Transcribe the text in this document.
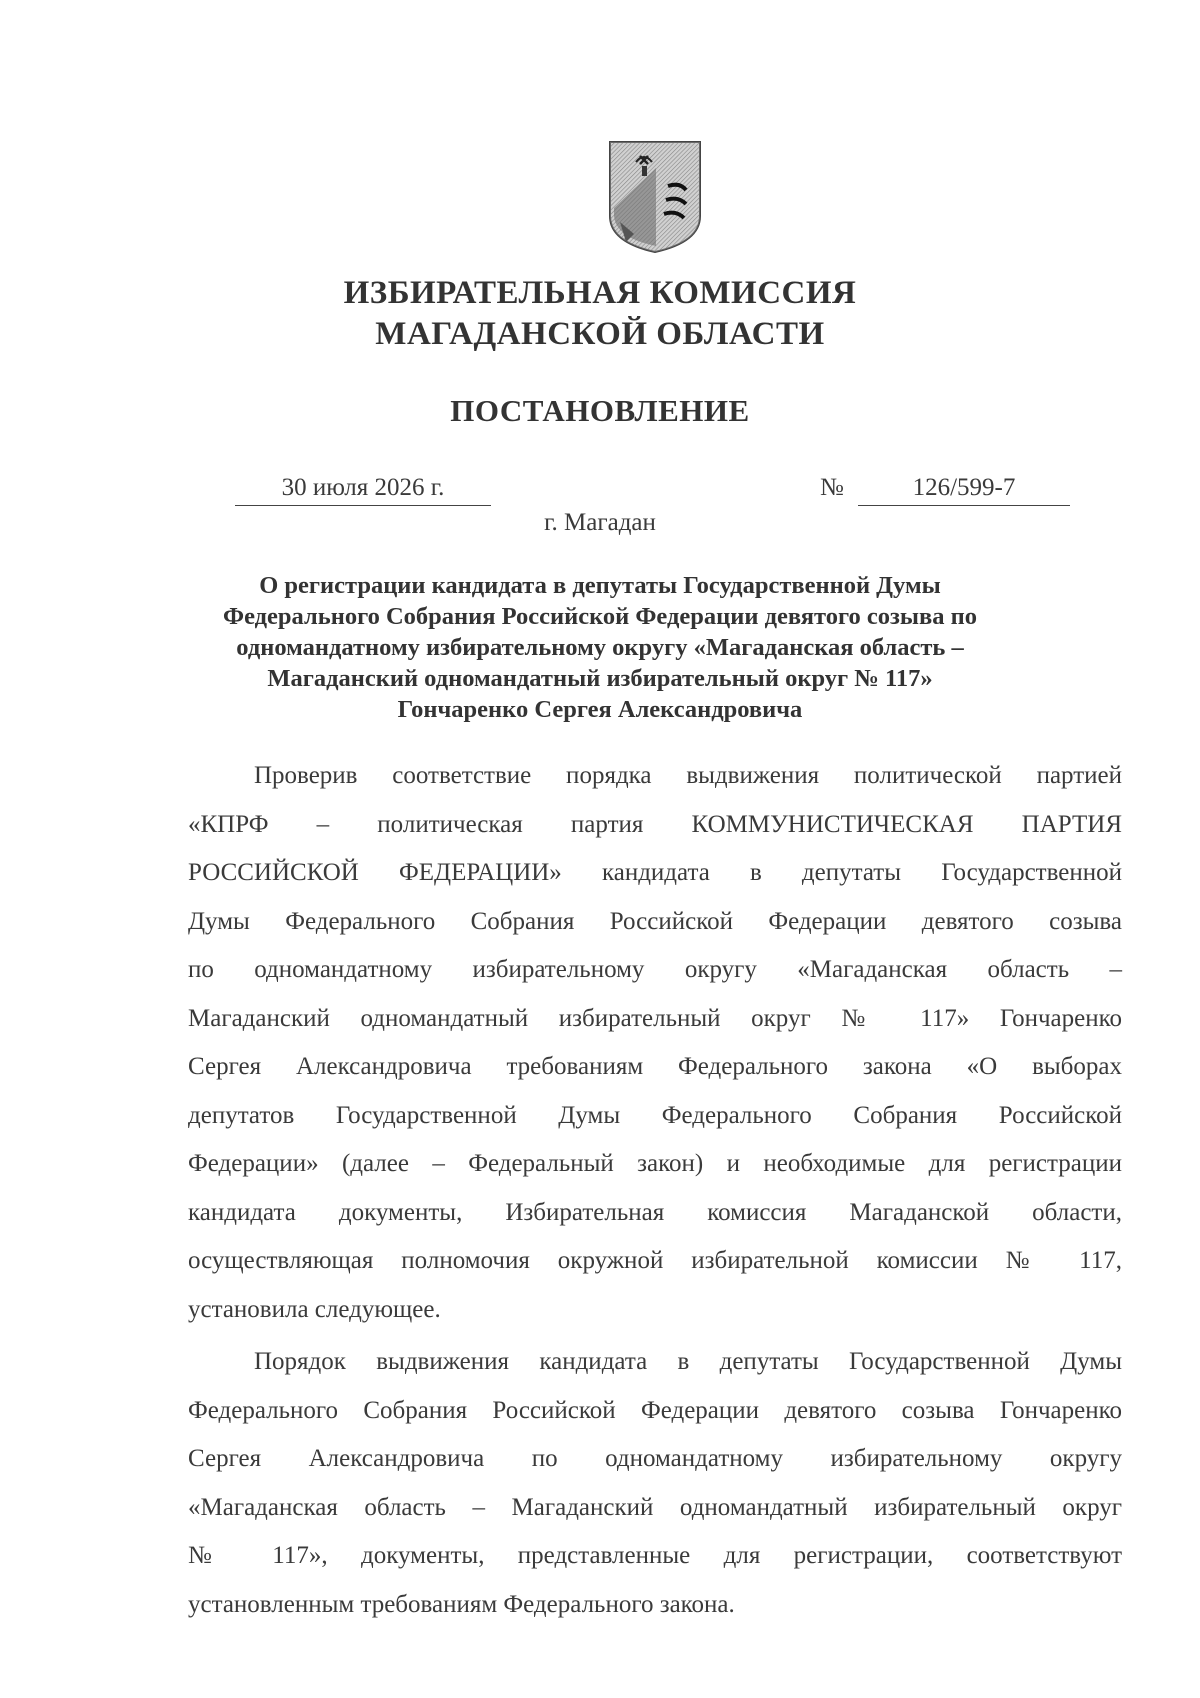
ИЗБИРАТЕЛЬНАЯ КОМИССИЯ
МАГАДАНСКОЙ ОБЛАСТИ
ПОСТАНОВЛЕНИЕ
30 июля 2026 г.	№	126/599-7
г. Магадан
О регистрации кандидата в депутаты Государственной Думы
Федерального Собрания Российской Федерации девятого созыва по
одномандатному избирательному округу «Магаданская область –
Магаданский одномандатный избирательный округ № 117»
Гончаренко Сергея Александровича
Проверив соответствие порядка выдвижения политической партией
«КПРФ – политическая партия КОММУНИСТИЧЕСКАЯ ПАРТИЯ
РОССИЙСКОЙ ФЕДЕРАЦИИ» кандидата в депутаты Государственной
Думы Федерального Собрания Российской Федерации девятого созыва
по одномандатному избирательному округу «Магаданская область –
Магаданский одномандатный избирательный округ № 117» Гончаренко
Сергея Александровича требованиям Федерального закона «О выборах
депутатов Государственной Думы Федерального Собрания Российской
Федерации» (далее – Федеральный закон) и необходимые для регистрации
кандидата документы, Избирательная комиссия Магаданской области,
осуществляющая полномочия окружной избирательной комиссии № 117,
установила следующее.
Порядок выдвижения кандидата в депутаты Государственной Думы
Федерального Собрания Российской Федерации девятого созыва Гончаренко
Сергея Александровича по одномандатному избирательному округу
«Магаданская область – Магаданский одномандатный избирательный округ
№ 117», документы, представленные для регистрации, соответствуют
установленным требованиям Федерального закона.
